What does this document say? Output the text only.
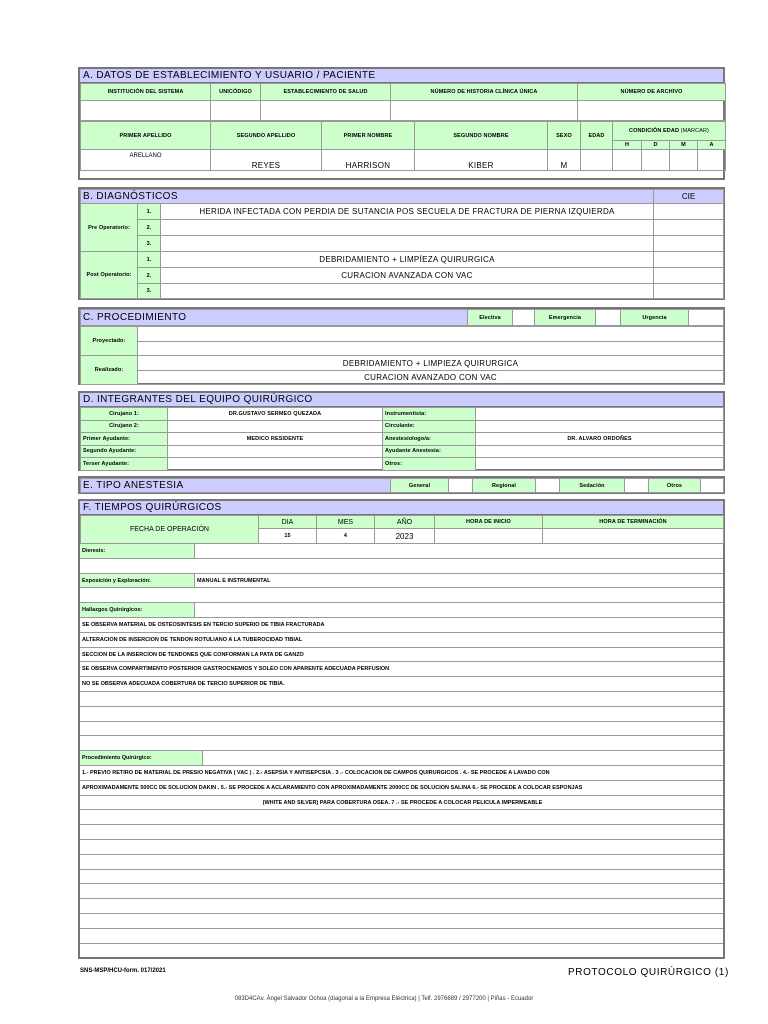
A. DATOS DE ESTABLECIMIENTO Y USUARIO / PACIENTE
INSTITUCIÓN DEL SISTEMA	UNICÓDIGO	ESTABLECIMIENTO DE SALUD	NÚMERO DE HISTORIA CLÍNICA ÚNICA	NÚMERO DE ARCHIVO

PRIMER APELLIDO	SEGUNDO APELLIDO	PRIMER NOMBRE	SEGUNDO NOMBRE	SEXO	EDAD	CONDICIÓN EDAD (MARCAR)			
						H	D	M	A
ARELLANO	REYES	HARRISON	KIBER	M					
B. DIAGNÓSTICOS			CIE
Pre Operatorio:	1.	HERIDA INFECTADA CON PERDIA DE SUTANCIA POS SECUELA DE FRACTURA DE PIERNA IZQUIERDA	
	2.		
	3.		
Post Operatorio:	1.	DEBRIDAMIENTO + LIMPÍEZA QUIRURGICA	
	2.	CURACION AVANZADA CON VAC	
	3.		
C. PROCEDIMIENTO	Electiva		Emergencia		Urgencia	
Proyectado:	

Realizado:	DEBRIDAMIENTO + LIMPIEZA QUIRURGICA
	CURACION AVANZADO CON VAC
D. INTEGRANTES DEL EQUIPO QUIRÚRGICO
Cirujano 1:	DR.GUSTAVO SERMEO QUEZADA	Instrumentista:	
Cirujano 2:		Circulante:	
Primer Ayudante:	MEDICO RESIDENTE	Anestesiologo/a:	DR. ALVARO ORDOÑES
Segundo Ayudante:		Ayudante Anestesia:	
Terser Ayudante:		Otros:	
E. TIPO ANESTESIA	General		Regional		Sedación		Otros	
F. TIEMPOS QUIRÚRGICOS
FECHA DE OPERACIÓN	DIA	MES	AÑO	HORA DE INICIO	HORA DE TERMINACIÓN
	15	4	2023		
Dieresis:
Exposición y Exploración:	MANUAL E INSTRUMENTAL
Hallazgos Quirúrgicos:
SE OBSERVA MATERIAL DE OSTEOSINTESIS EN TERCIO SUPERIO DE TIBIA FRACTURADA
ALTERACION DE INSERCION DE TENDON ROTULIANO A LA TUBEROCIDAD TIBIAL
SECCION DE LA INSERCION DE TENDONES QUE CONFORMAN LA PATA DE GANZO
SE OBSERVA COMPARTIMENTO POSTERIOR GASTROCNEMIOS Y SOLEO CON APARENTE ADECUADA PERFUSION
NO SE OBSERVA ADECUADA COBERTURA DE TERCIO SUPERIOR DE TIBIA.
Procedimiento Quirúrgico:
1.- PREVIO RETIRO DE MATERIAL DE PRESIO NEGATIVA ( VAC ) . 2.- ASEPSIA Y ANTISEPCSIA . 3 .- COLOCACION DE CAMPOS QUIRURGICOS . 4.- SE PROCEDE A LAVADO CON
APROXIMADAMENTE 500CC DE SOLUCION DAKIN . 5.- SE PROCEDE A ACLARAMIENTO CON APROXIMADAMENTE 2000CC DE SOLUCION SALINA 6.- SE PROCEDE A COLOCAR ESPONJAS
(WHITE AND SILVER) PARA COBERTURA OSEA. 7 .- SE PROCEDE A COLOCAR PELICULA IMPERMEABLE
SNS-MSP/HCU-form. 017/2021	PROTOCOLO QUIRÚRGICO (1)
083D4CAv. Ángel Salvador Ochoa (diagonal a la Empresa Eléctrica) | Telf. 2976689 / 2977200 | Piñas - Ecuador
